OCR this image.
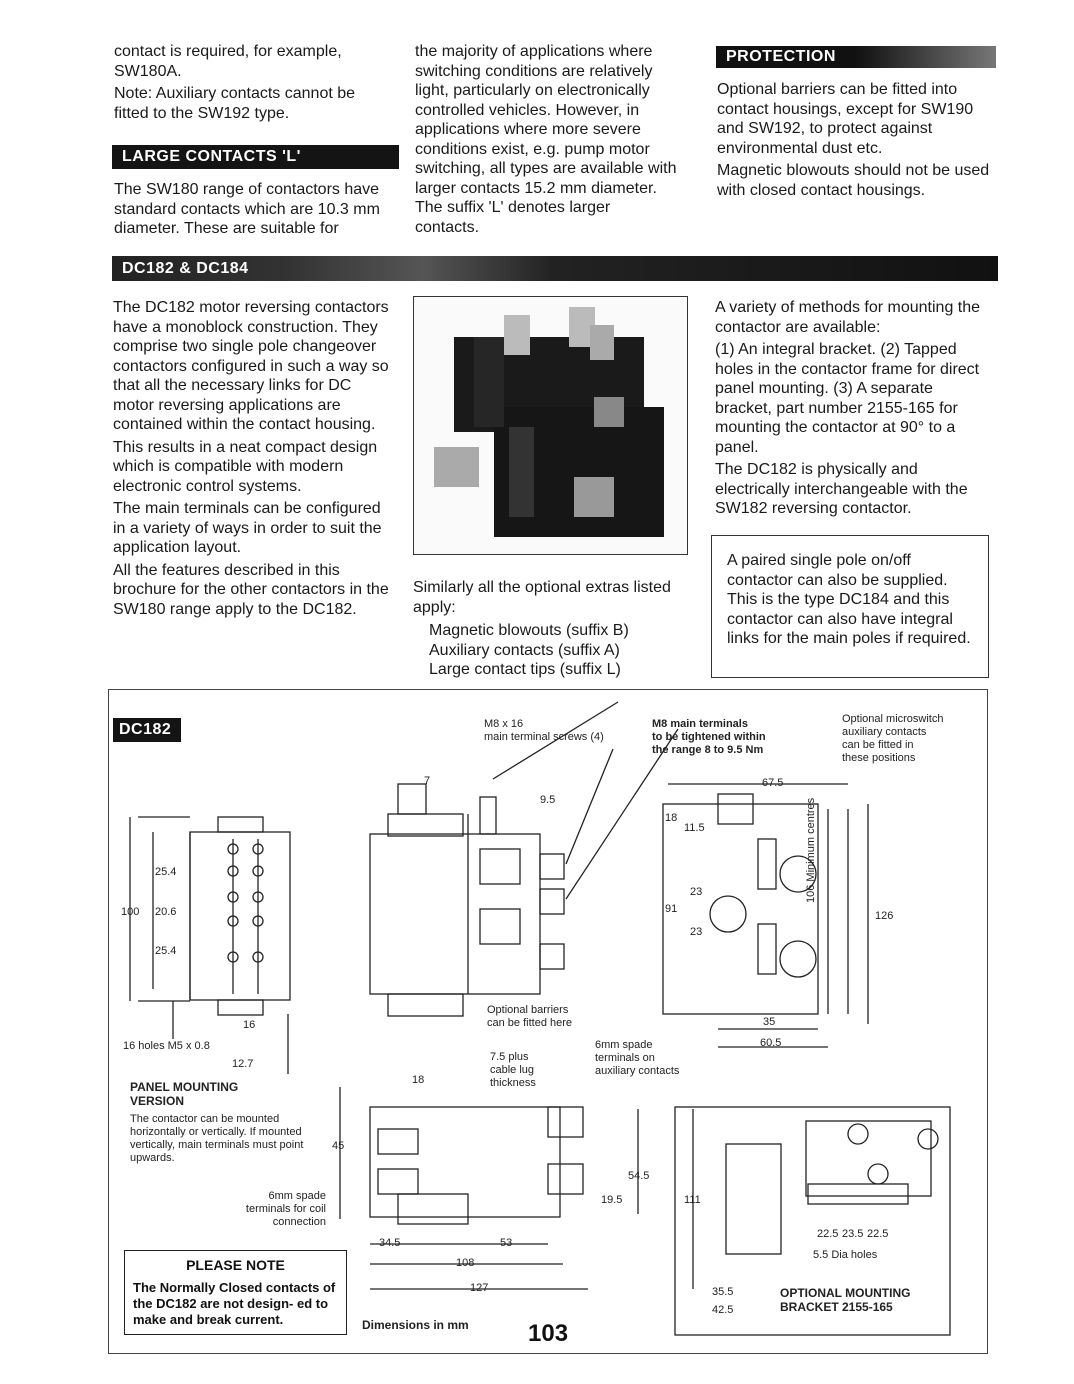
contact is required, for example, SW180A.

Note: Auxiliary contacts cannot be fitted to the SW192 type.

LARGE CONTACTS 'L'

The SW180 range of contactors have standard contacts which are 10.3 mm diameter. These are suitable for

the majority of applications where switching conditions are relatively light, particularly on electronically controlled vehicles. However, in applications where more severe conditions exist, e.g. pump motor switching, all types are available with larger contacts 15.2 mm diameter. The suffix 'L' denotes larger contacts.

PROTECTION

Optional barriers can be fitted into contact housings, except for SW190 and SW192, to protect against environmental dust etc.

Magnetic blowouts should not be used with closed contact housings.

DC182 & DC184

The DC182 motor reversing contactors have a monoblock construction. They comprise two single pole changeover contactors configured in such a way so that all the necessary links for DC motor reversing applications are contained within the contact housing.

This results in a neat compact design which is compatible with modern electronic control systems.

The main terminals can be configured in a variety of ways in order to suit the application layout.

All the features described in this brochure for the other contactors in the SW180 range apply to the DC182.

Similarly all the optional extras listed apply:

Magnetic blowouts (suffix B)
Auxiliary contacts (suffix A)
Large contact tips (suffix L)

A variety of methods for mounting the contactor are available:

(1) An integral bracket. (2) Tapped holes in the contactor frame for direct panel mounting. (3) A separate bracket, part number 2155-165 for mounting the contactor at 90° to a panel.

The DC182 is physically and electrically interchangeable with the SW182 reversing contactor.

A paired single pole on/off contactor can also be supplied. This is the type DC184 and this contactor can also have integral links for the main poles if required.
DC182	M8 x 16
main terminal screws (4)
M8 main terminals
to be tightened within
the range 8 to 9.5 Nm
Optional microswitch
auxiliary contacts
can be fitted in
these positions
Optional barriers
can be fitted here
16 holes M5 x 0.8
PANEL MOUNTING
VERSION
The contactor can be mounted horizontally or vertically. If mounted vertically, main terminals must point upwards.
6mm spade
terminals for coil
connection
7.5 plus
cable lug
thickness
6mm spade
terminals on
auxiliary contacts
106 Minimum centres
5.5 Dia holes
OPTIONAL MOUNTING
BRACKET 2155-165
Dimensions in mm
7
9.5
67.5
18
11.5
25.4
100 20.6
25.4
16
12.7
23
91
23
126
35
60.5
18
45
54.5
19.5
34.5	53
108
127
111
22.5 23.5 22.5
35.5
42.5
PLEASE NOTE
The Normally Closed contacts of the DC182 are not design- ed to make and break current.
103
